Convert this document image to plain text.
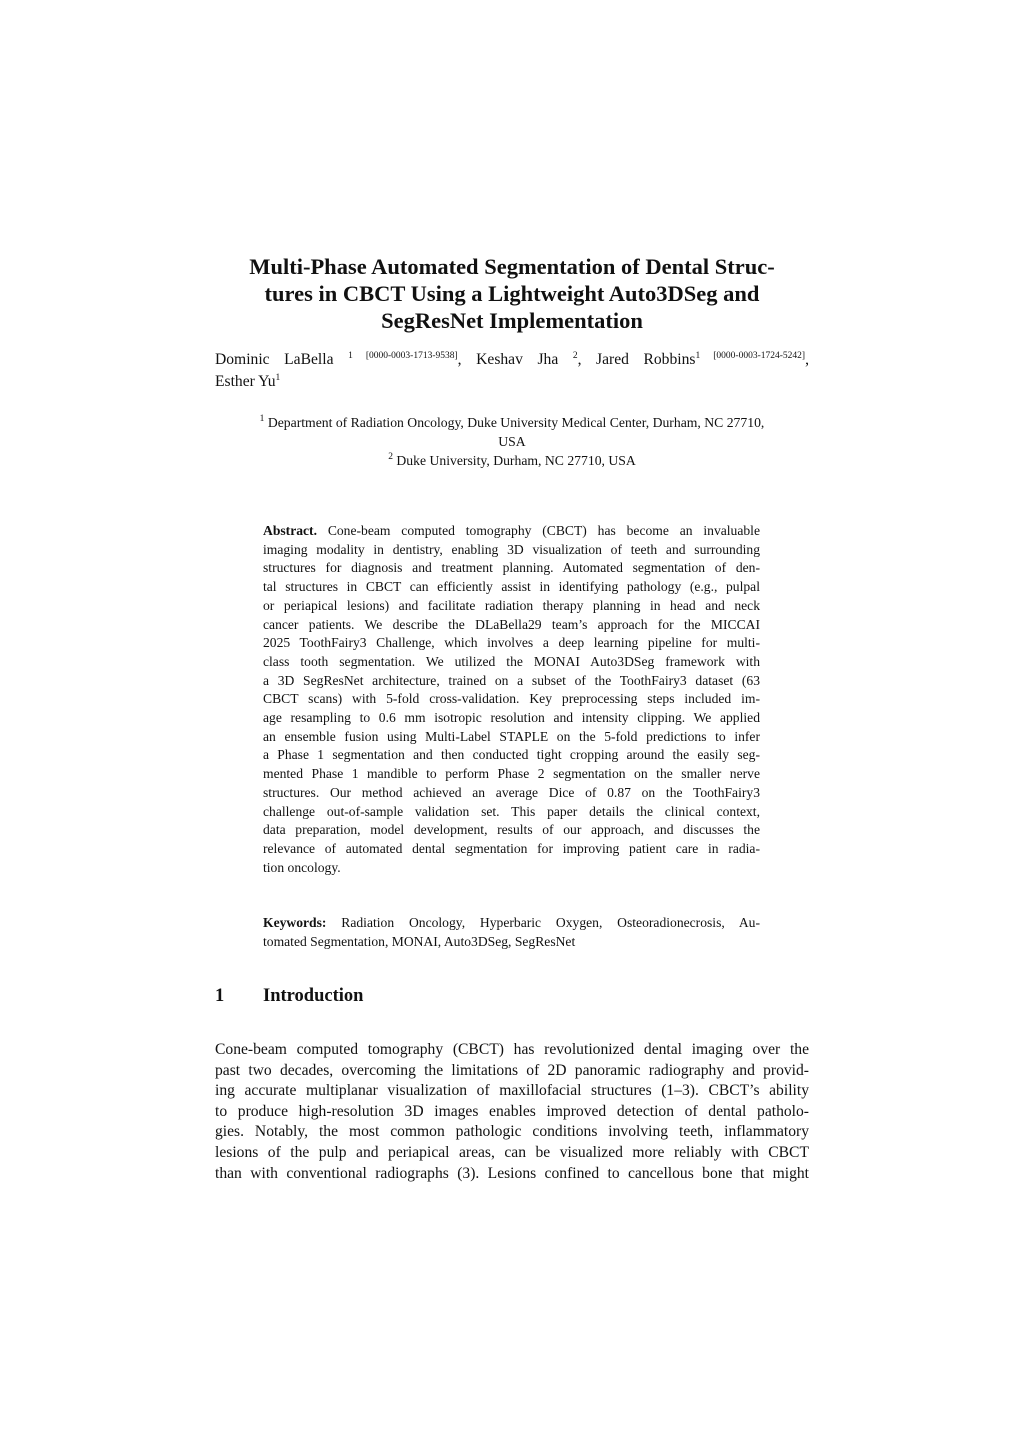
Multi-Phase Automated Segmentation of Dental Struc-
tures in CBCT Using a Lightweight Auto3DSeg and
SegResNet Implementation
Dominic LaBella $^{1 [0000-0003-1713-9538]}$, Keshav Jha $^2$, Jared Robbins$^{1 [0000-0003-1724-5242]}$,
Esther Yu$^1$
$^1$ Department of Radiation Oncology, Duke University Medical Center, Durham, NC 27710,
USA
$^2$ Duke University, Durham, NC 27710, USA
Abstract. Cone-beam computed tomography (CBCT) has become an invaluable
imaging modality in dentistry, enabling 3D visualization of teeth and surrounding
structures for diagnosis and treatment planning. Automated segmentation of den-
tal structures in CBCT can efficiently assist in identifying pathology (e.g., pulpal
or periapical lesions) and facilitate radiation therapy planning in head and neck
cancer patients. We describe the DLaBella29 team’s approach for the MICCAI
2025 ToothFairy3 Challenge, which involves a deep learning pipeline for multi-
class tooth segmentation. We utilized the MONAI Auto3DSeg framework with
a 3D SegResNet architecture, trained on a subset of the ToothFairy3 dataset (63
CBCT scans) with 5-fold cross-validation. Key preprocessing steps included im-
age resampling to 0.6 mm isotropic resolution and intensity clipping. We applied
an ensemble fusion using Multi-Label STAPLE on the 5-fold predictions to infer
a Phase 1 segmentation and then conducted tight cropping around the easily seg-
mented Phase 1 mandible to perform Phase 2 segmentation on the smaller nerve
structures. Our method achieved an average Dice of 0.87 on the ToothFairy3
challenge out-of-sample validation set. This paper details the clinical context,
data preparation, model development, results of our approach, and discusses the
relevance of automated dental segmentation for improving patient care in radia-
tion oncology.
Keywords: Radiation Oncology, Hyperbaric Oxygen, Osteoradionecrosis, Au-
tomated Segmentation, MONAI, Auto3DSeg, SegResNet
1	Introduction
Cone-beam computed tomography (CBCT) has revolutionized dental imaging over the
past two decades, overcoming the limitations of 2D panoramic radiography and provid-
ing accurate multiplanar visualization of maxillofacial structures (1–3). CBCT’s ability
to produce high-resolution 3D images enables improved detection of dental patholo-
gies. Notably, the most common pathologic conditions involving teeth, inflammatory
lesions of the pulp and periapical areas, can be visualized more reliably with CBCT
than with conventional radiographs (3). Lesions confined to cancellous bone that might
